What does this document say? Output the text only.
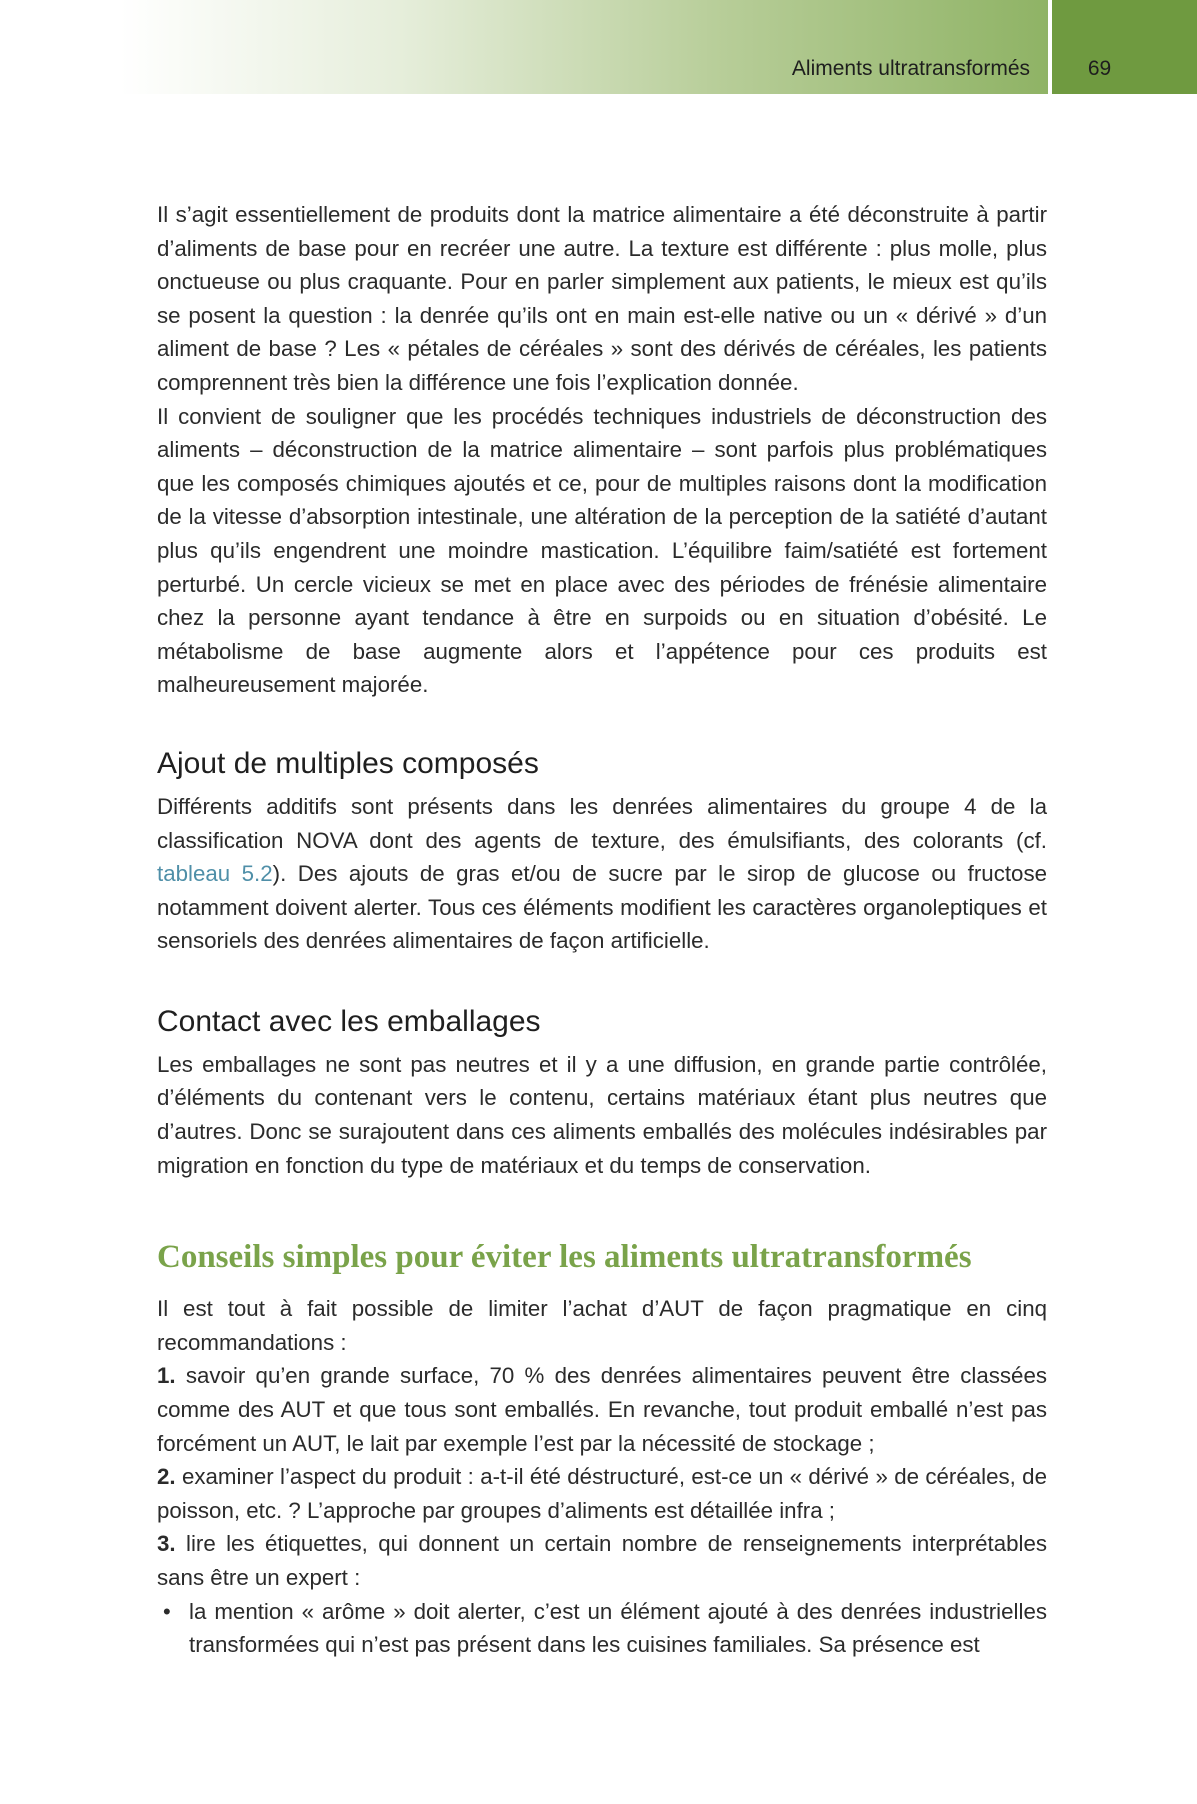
Aliments ultratransformés	69

Il s’agit essentiellement de produits dont la matrice alimentaire a été déconstruite à partir d’aliments de base pour en recréer une autre. La texture est différente : plus molle, plus onctueuse ou plus craquante. Pour en parler simplement aux patients, le mieux est qu’ils se posent la question : la denrée qu’ils ont en main est-elle native ou un « dérivé » d’un aliment de base ? Les « pétales de céréales » sont des dérivés de céréales, les patients comprennent très bien la différence une fois l’explication donnée.

Il convient de souligner que les procédés techniques industriels de déconstruction des aliments – déconstruction de la matrice alimentaire – sont parfois plus problématiques que les composés chimiques ajoutés et ce, pour de multiples raisons dont la modification de la vitesse d’absorption intestinale, une altération de la perception de la satiété d’autant plus qu’ils engendrent une moindre mastication. L’équilibre faim/satiété est fortement perturbé. Un cercle vicieux se met en place avec des périodes de frénésie alimentaire chez la personne ayant tendance à être en surpoids ou en situation d’obésité. Le métabolisme de base augmente alors et l’appétence pour ces produits est malheureusement majorée.

Ajout de multiples composés

Différents additifs sont présents dans les denrées alimentaires du groupe 4 de la classification NOVA dont des agents de texture, des émulsifiants, des colorants (cf. tableau 5.2). Des ajouts de gras et/ou de sucre par le sirop de glucose ou fructose notamment doivent alerter. Tous ces éléments modifient les caractères organoleptiques et sensoriels des denrées alimentaires de façon artificielle.

Contact avec les emballages

Les emballages ne sont pas neutres et il y a une diffusion, en grande partie contrôlée, d’éléments du contenant vers le contenu, certains matériaux étant plus neutres que d’autres. Donc se surajoutent dans ces aliments emballés des molécules indésirables par migration en fonction du type de matériaux et du temps de conservation.

Conseils simples pour éviter les aliments ultratransformés

Il est tout à fait possible de limiter l’achat d’AUT de façon pragmatique en cinq recommandations :

1. savoir qu’en grande surface, 70 % des denrées alimentaires peuvent être classées comme des AUT et que tous sont emballés. En revanche, tout produit emballé n’est pas forcément un AUT, le lait par exemple l’est par la nécessité de stockage ;
2. examiner l’aspect du produit : a-t-il été déstructuré, est-ce un « dérivé » de céréales, de poisson, etc. ? L’approche par groupes d’aliments est détaillée infra ;
3. lire les étiquettes, qui donnent un certain nombre de renseignements interprétables sans être un expert :
• la mention « arôme » doit alerter, c’est un élément ajouté à des denrées industrielles transformées qui n’est pas présent dans les cuisines familiales. Sa présence est
